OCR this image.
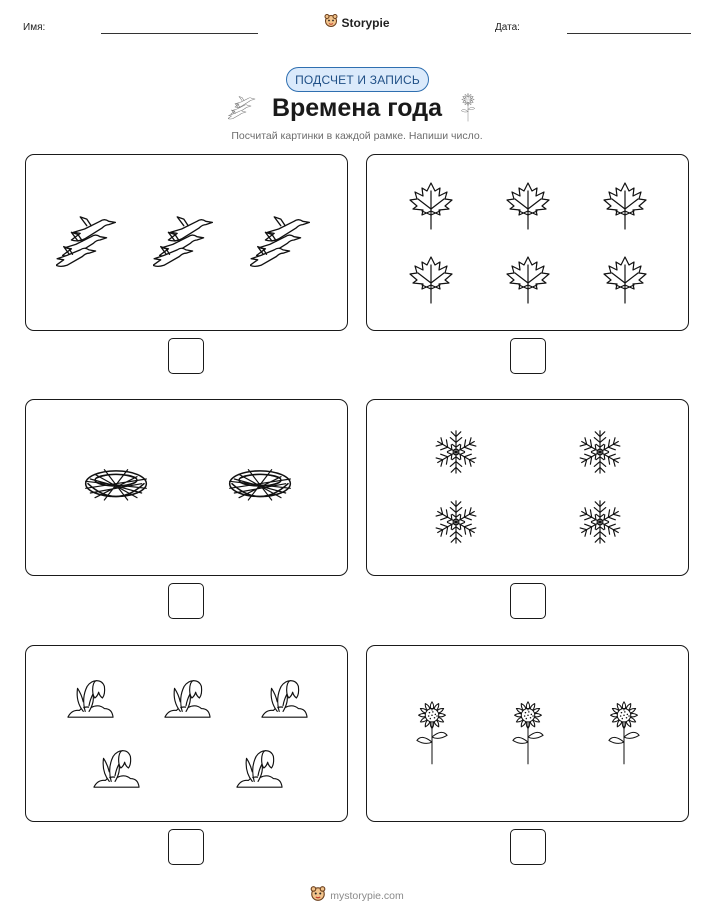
Имя:	Storypie	Дата:
ПОДСЧЕТ И ЗАПИСЬ
Времена года

Посчитай картинки в каждой рамке. Напиши число.

mystorypie.com
